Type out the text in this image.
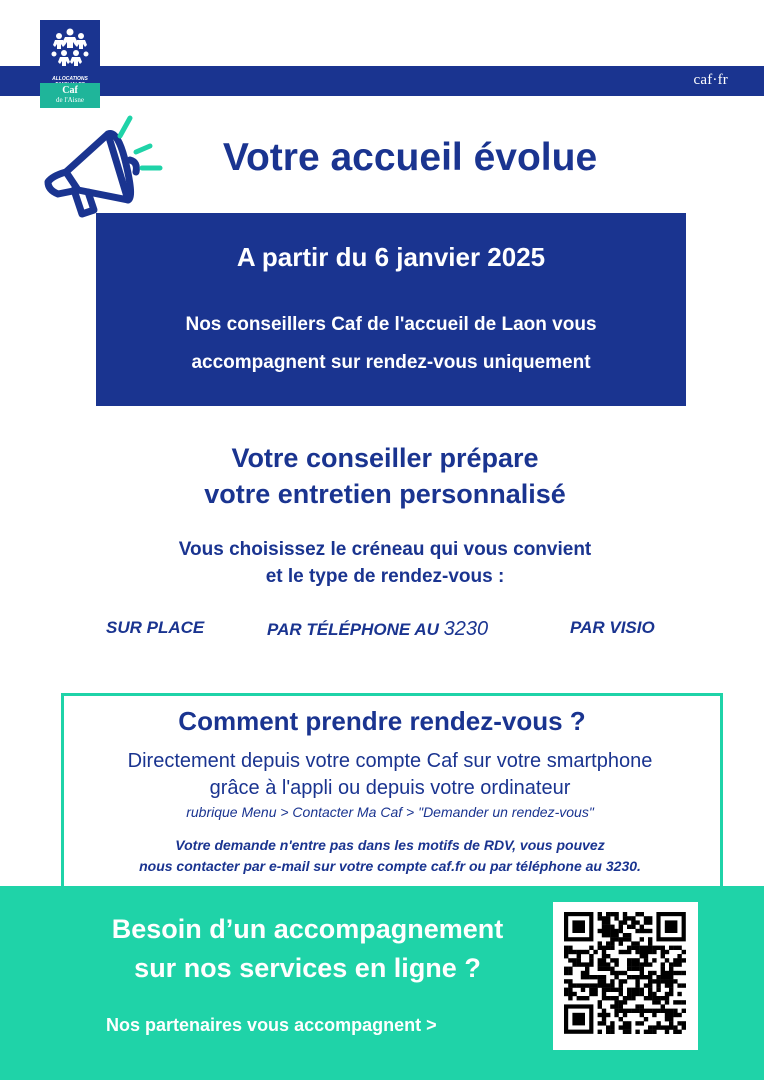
caf·fr
ALLOCATIONS
Caf
de l'Aisne
Votre accueil évolue
A partir du 6 janvier 2025
Nos conseillers Caf de l'accueil de Laon vous
accompagnent sur rendez-vous uniquement
Votre conseiller prépare
votre entretien personnalisé
Vous choisissez le créneau qui vous convient
et le type de rendez-vous :
SUR PLACE	PAR TÉLÉPHONE AU 3230	PAR VISIO
Comment prendre rendez-vous ?
Directement depuis votre compte Caf sur votre smartphone
grâce à l'appli ou depuis votre ordinateur
rubrique Menu > Contacter Ma Caf > "Demander un rendez-vous"
Votre demande n'entre pas dans les motifs de RDV, vous pouvez
nous contacter par e-mail sur votre compte caf.fr ou par téléphone au 3230.
Besoin d’un accompagnement
sur nos services en ligne ?
Nos partenaires vous accompagnent >
